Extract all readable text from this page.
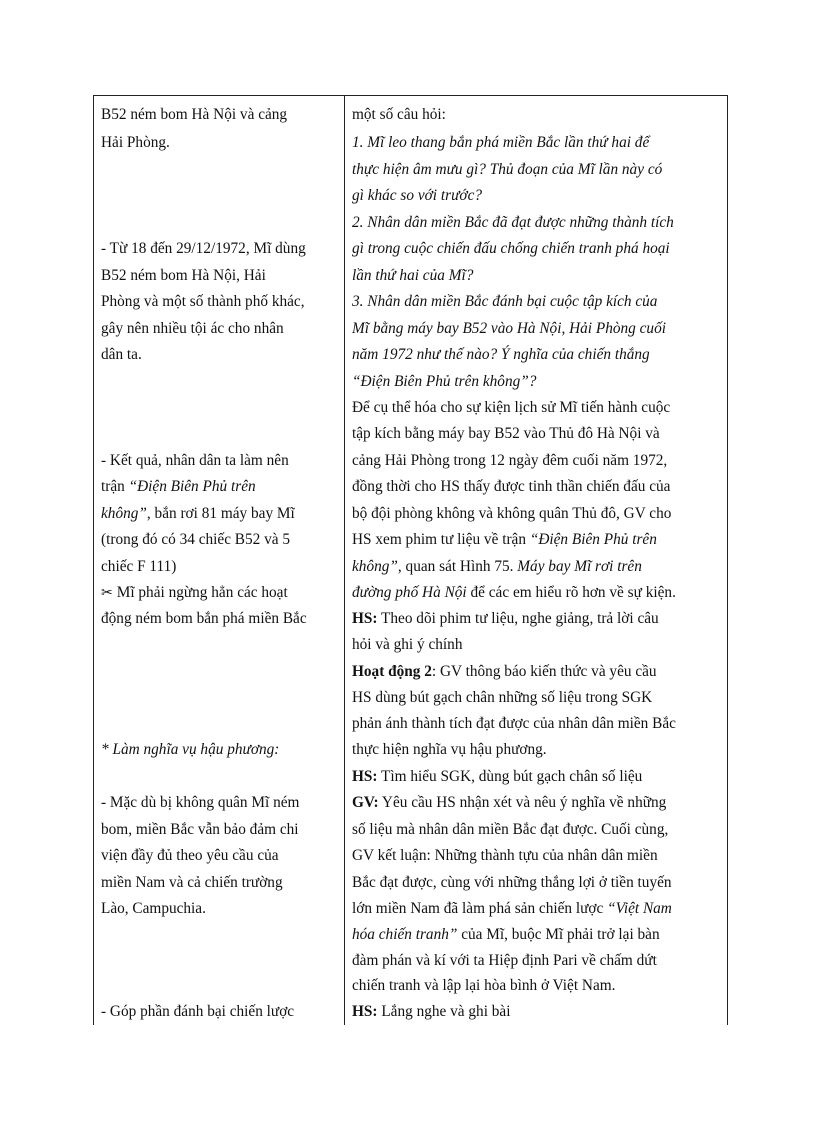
B52 ném bom Hà Nội và cảng
Hải Phòng.
- Từ 18 đến 29/12/1972, Mĩ dùng
B52 ném bom Hà Nội, Hải
Phòng và một số thành phố khác,
gây nên nhiều tội ác cho nhân
dân ta.
- Kết quả, nhân dân ta làm nên
trận “Điện Biên Phủ trên
không”, bắn rơi 81 máy bay Mĩ
(trong đó có 34 chiếc B52 và 5
chiếc F 111)
✂ Mĩ phải ngừng hẳn các hoạt
động ném bom bắn phá miền Bắc
* Làm nghĩa vụ hậu phương:
- Mặc dù bị không quân Mĩ ném
bom, miền Bắc vẫn bảo đảm chi
viện đầy đủ theo yêu cầu của
miền Nam và cả chiến trường
Lào, Campuchia.
- Góp phần đánh bại chiến lược
một số câu hỏi:
1. Mĩ leo thang bắn phá miền Bắc lần thứ hai để
thực hiện âm mưu gì? Thủ đoạn của Mĩ lần này có
gì khác so với trước?
2. Nhân dân miền Bắc đã đạt được những thành tích
gì trong cuộc chiến đấu chống chiến tranh phá hoại
lần thứ hai của Mĩ?
3. Nhân dân miền Bắc đánh bại cuộc tập kích của
Mĩ bằng máy bay B52 vào Hà Nội, Hải Phòng cuối
năm 1972 như thế nào? Ý nghĩa của chiến thắng
“Điện Biên Phủ trên không”?
Để cụ thể hóa cho sự kiện lịch sử Mĩ tiến hành cuộc
tập kích bằng máy bay B52 vào Thủ đô Hà Nội và
cảng Hải Phòng trong 12 ngày đêm cuối năm 1972,
đồng thời cho HS thấy được tinh thần chiến đấu của
bộ đội phòng không và không quân Thủ đô, GV cho
HS xem phim tư liệu về trận “Điện Biên Phủ trên
không”, quan sát Hình 75. Máy bay Mĩ rơi trên
đường phố Hà Nội để các em hiểu rõ hơn về sự kiện.
HS: Theo dõi phim tư liệu, nghe giảng, trả lời câu
hỏi và ghi ý chính
Hoạt động 2: GV thông báo kiến thức và yêu cầu
HS dùng bút gạch chân những số liệu trong SGK
phản ánh thành tích đạt được của nhân dân miền Bắc
thực hiện nghĩa vụ hậu phương.
HS: Tìm hiểu SGK, dùng bút gạch chân số liệu
GV: Yêu cầu HS nhận xét và nêu ý nghĩa về những
số liệu mà nhân dân miền Bắc đạt được. Cuối cùng,
GV kết luận: Những thành tựu của nhân dân miền
Bắc đạt được, cùng với những thắng lợi ở tiền tuyến
lớn miền Nam đã làm phá sản chiến lược “Việt Nam
hóa chiến tranh” của Mĩ, buộc Mĩ phải trở lại bàn
đàm phán và kí với ta Hiệp định Pari về chấm dứt
chiến tranh và lập lại hòa bình ở Việt Nam.
HS: Lắng nghe và ghi bài
